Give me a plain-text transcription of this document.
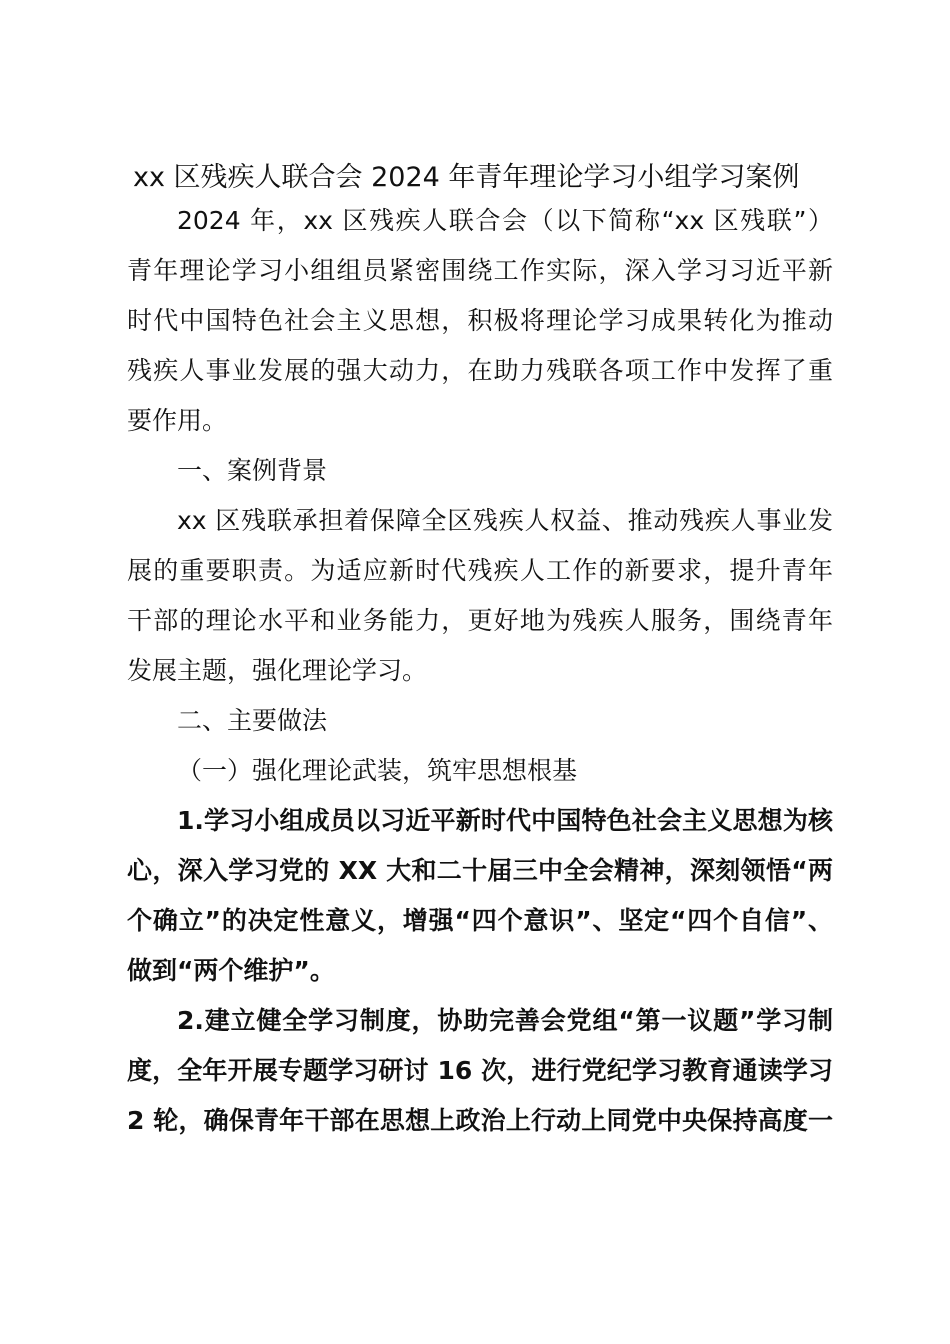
xx 区残疾人联合会 2024 年青年理论学习小组学习案例

2024 年，xx 区残疾人联合会（以下简称“xx 区残联”）

青年理论学习小组组员紧密围绕工作实际，深入学习习近平新

时代中国特色社会主义思想，积极将理论学习成果转化为推动

残疾人事业发展的强大动力，在助力残联各项工作中发挥了重

要作用。

一、案例背景

xx 区残联承担着保障全区残疾人权益、推动残疾人事业发

展的重要职责。为适应新时代残疾人工作的新要求，提升青年

干部的理论水平和业务能力，更好地为残疾人服务，围绕青年

发展主题，强化理论学习。

二、主要做法

（一）强化理论武装，筑牢思想根基

1.学习小组成员以习近平新时代中国特色社会主义思想为核

心，深入学习党的 XX 大和二十届三中全会精神，深刻领悟“两

个确立”的决定性意义，增强“四个意识”、坚定“四个自信”、

做到“两个维护”。

2.建立健全学习制度，协助完善会党组“第一议题”学习制

度，全年开展专题学习研讨 16 次，进行党纪学习教育通读学习

2 轮，确保青年干部在思想上政治上行动上同党中央保持高度一
